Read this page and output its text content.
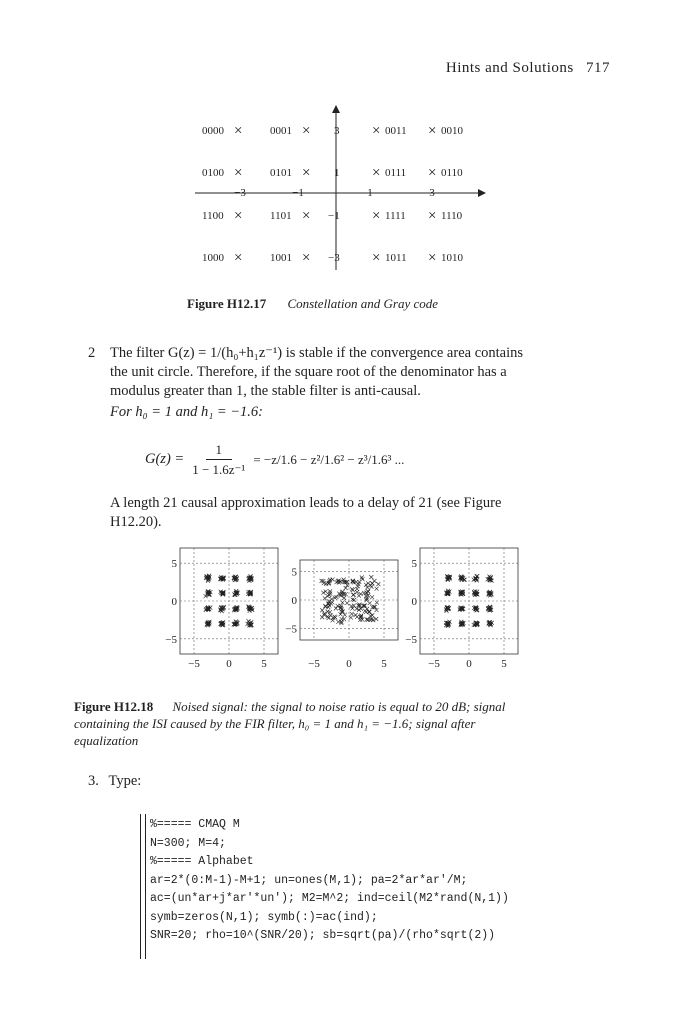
Hints and Solutions 717
0000 ×	0001 ×	× 0011 × 0010
3
0100 ×	0101 ×	× 0111 × 0110
1
1100 ×	1101 ×	× 1111 × 1110
−1
1000 ×	1001 ×	× 1011 × 1010
−3
−3	−1	1	3
Figure H12.17 Constellation and Gray code
2	The filter G(z) = 1/(h₀+h₁z⁻¹) is stable if the convergence area contains
the unit circle. Therefore, if the square root of the denominator has a
modulus greater than 1, the stable filter is anti-causal.
For h₀ = 1 and h₁ = −1.6:
$G(z) = \frac{1}{\text{1 − 1.6z⁻¹}} = -z/1.6 - z^2/1.6^2 - z^3/1.6^3$ ...
A length 21 causal approximation leads to a delay of 21 (see Figure
H12.20).
−5 0	5
5
0
−5
−5 0	5
5
0
−5
−5 0	5
5
0
−5
Figure H12.18 Noised signal: the signal to noise ratio is equal to 20 dB; signal
containing the ISI caused by the FIR filter, h₀ = 1 and h₁ = −1.6; signal after
equalization
3. Type:
%===== CMAQ M
N=300; M=4;
%===== Alphabet
ar=2*(0:M-1)-M+1; un=ones(M,1); pa=2*ar*ar'/M;
ac=(un*ar+j*ar'*un'); M2=M^2; ind=ceil(M2*rand(N,1))
symb=zeros(N,1); symb(:)=ac(ind);
SNR=20; rho=10^(SNR/20); sb=sqrt(pa)/(rho*sqrt(2))
